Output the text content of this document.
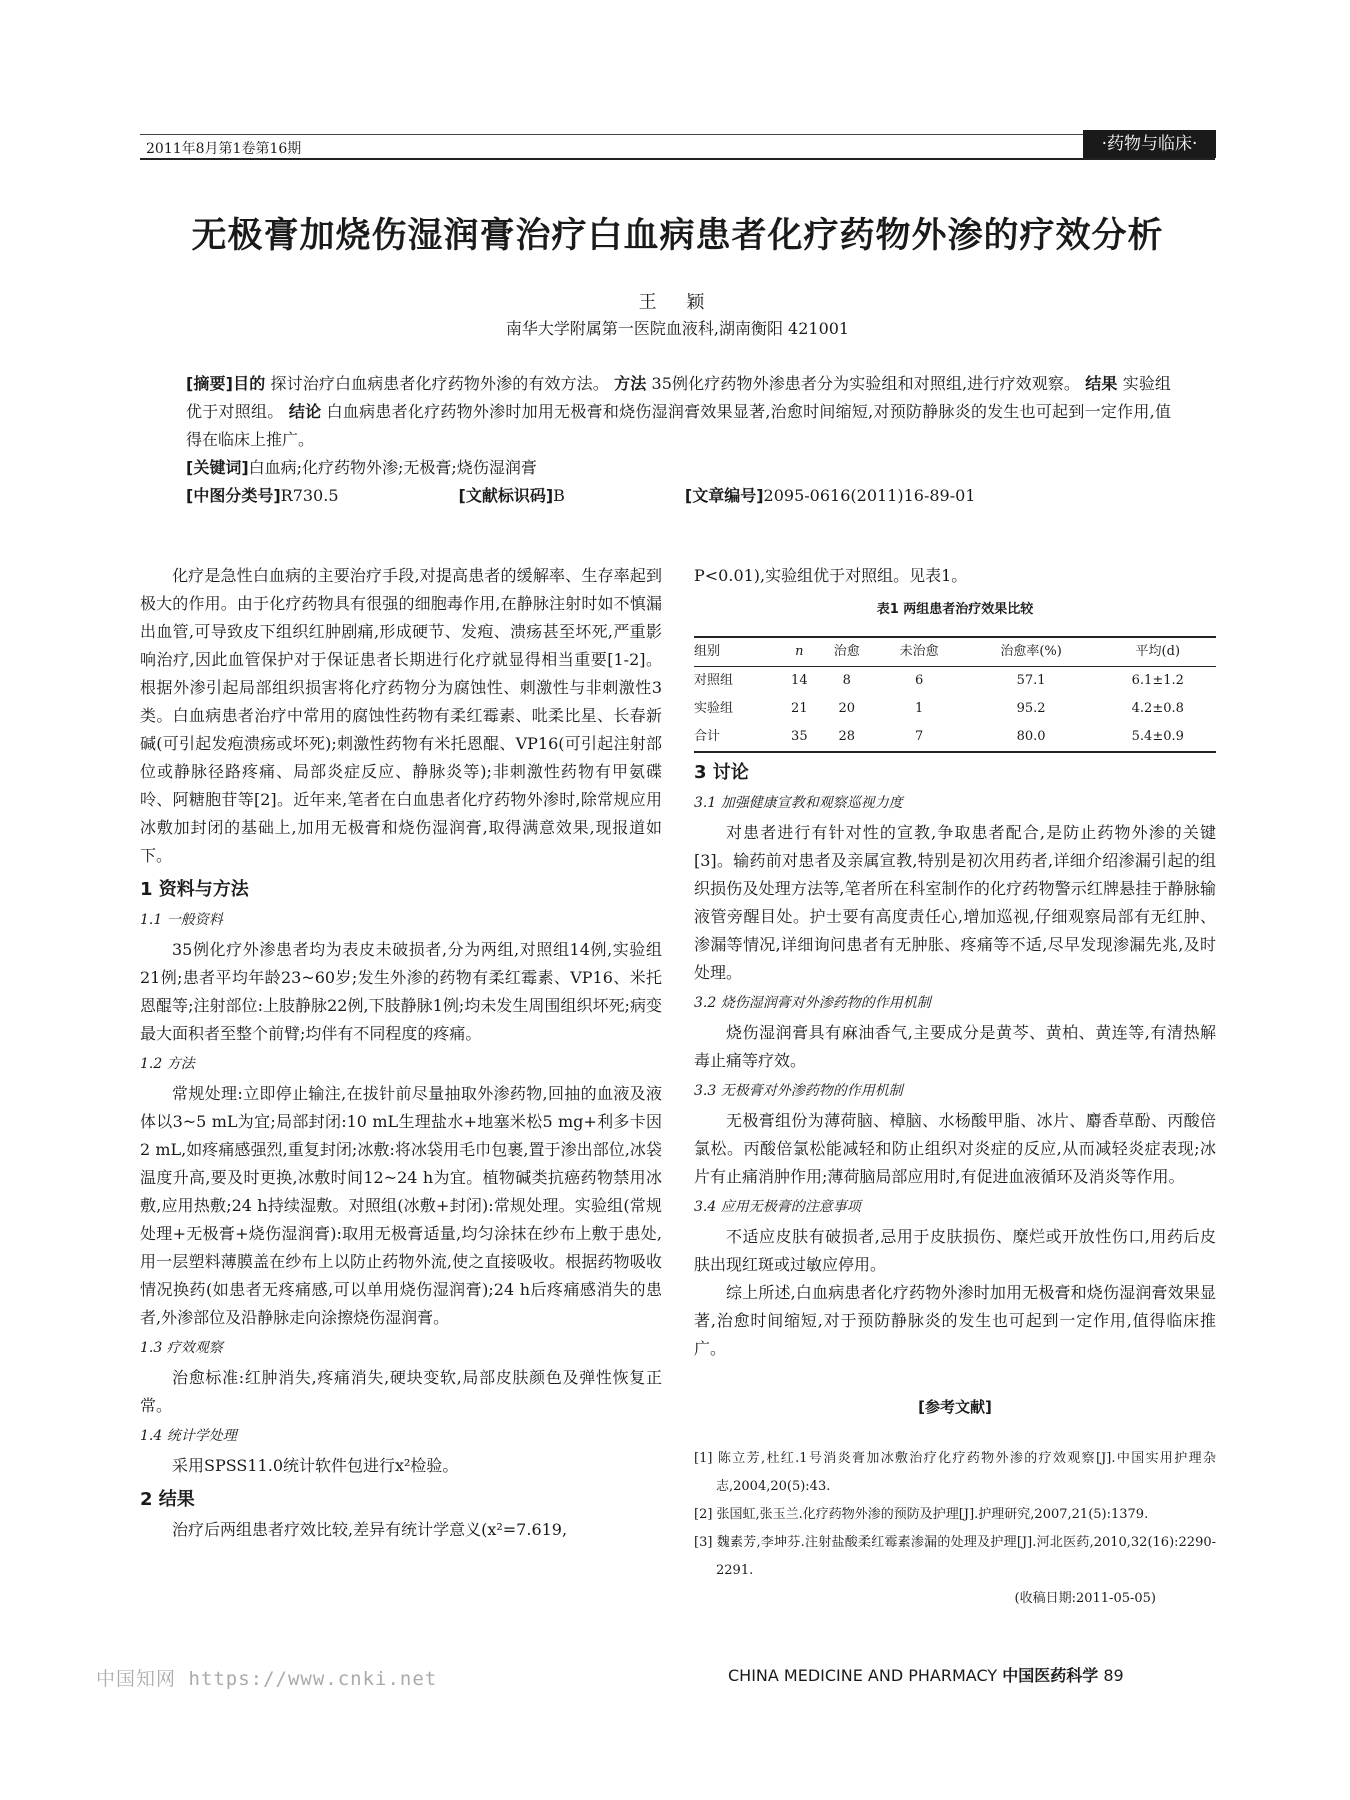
2011年8月第1卷第16期	·药物与临床·
无极膏加烧伤湿润膏治疗白血病患者化疗药物外渗的疗效分析
王 颖
南华大学附属第一医院血液科,湖南衡阳 421001

[摘要]目的 探讨治疗白血病患者化疗药物外渗的有效方法。 方法 35例化疗药物外渗患者分为实验组和对照组,进行疗效观察。 结果 实验组优于对照组。 结论 白血病患者化疗药物外渗时加用无极膏和烧伤湿润膏效果显著,治愈时间缩短,对预防静脉炎的发生也可起到一定作用,值得在临床上推广。

[关键词]白血病;化疗药物外渗;无极膏;烧伤湿润膏

[中图分类号]R730.5	[文献标识码]B	[文章编号]2095-0616(2011)16-89-01

化疗是急性白血病的主要治疗手段,对提高患者的缓解率、生存率起到极大的作用。由于化疗药物具有很强的细胞毒作用,在静脉注射时如不慎漏出血管,可导致皮下组织红肿剧痛,形成硬节、发疱、溃疡甚至坏死,严重影响治疗,因此血管保护对于保证患者长期进行化疗就显得相当重要[1-2]。根据外渗引起局部组织损害将化疗药物分为腐蚀性、刺激性与非刺激性3类。白血病患者治疗中常用的腐蚀性药物有柔红霉素、吡柔比星、长春新碱(可引起发疱溃疡或坏死);刺激性药物有米托恩醌、VP16(可引起注射部位或静脉径路疼痛、局部炎症反应、静脉炎等);非刺激性药物有甲氨碟呤、阿糖胞苷等[2]。近年来,笔者在白血患者化疗药物外渗时,除常规应用冰敷加封闭的基础上,加用无极膏和烧伤湿润膏,取得满意效果,现报道如下。

1 资料与方法
1.1 一般资料

35例化疗外渗患者均为表皮未破损者,分为两组,对照组14例,实验组21例;患者平均年龄23~60岁;发生外渗的药物有柔红霉素、VP16、米托恩醌等;注射部位:上肢静脉22例,下肢静脉1例;均未发生周围组织坏死;病变最大面积者至整个前臂;均伴有不同程度的疼痛。

1.2 方法

常规处理:立即停止输注,在拔针前尽量抽取外渗药物,回抽的血液及液体以3~5 mL为宜;局部封闭:10 mL生理盐水+地塞米松5 mg+利多卡因2 mL,如疼痛感强烈,重复封闭;冰敷:将冰袋用毛巾包裹,置于渗出部位,冰袋温度升高,要及时更换,冰敷时间12~24 h为宜。植物碱类抗癌药物禁用冰敷,应用热敷;24 h持续湿敷。对照组(冰敷+封闭):常规处理。实验组(常规处理+无极膏+烧伤湿润膏):取用无极膏适量,均匀涂抹在纱布上敷于患处,用一层塑料薄膜盖在纱布上以防止药物外流,使之直接吸收。根据药物吸收情况换药(如患者无疼痛感,可以单用烧伤湿润膏);24 h后疼痛感消失的患者,外渗部位及沿静脉走向涂擦烧伤湿润膏。

1.3 疗效观察

治愈标准:红肿消失,疼痛消失,硬块变软,局部皮肤颜色及弹性恢复正常。

1.4 统计学处理

采用SPSS11.0统计软件包进行x²检验。

2 结果

治疗后两组患者疗效比较,差异有统计学意义(x²=7.619,

P<0.01),实验组优于对照组。见表1。

表1 两组患者治疗效果比较
组别	n	治愈	未治愈	治愈率(%)	平均(d)
对照组	14	8	6	57.1	6.1±1.2
实验组	21	20	1	95.2	4.2±0.8
合计	35	28	7	80.0	5.4±0.9
3 讨论
3.1 加强健康宣教和观察巡视力度

对患者进行有针对性的宣教,争取患者配合,是防止药物外渗的关键[3]。输药前对患者及亲属宣教,特别是初次用药者,详细介绍渗漏引起的组织损伤及处理方法等,笔者所在科室制作的化疗药物警示红牌悬挂于静脉输液管旁醒目处。护士要有高度责任心,增加巡视,仔细观察局部有无红肿、渗漏等情况,详细询问患者有无肿胀、疼痛等不适,尽早发现渗漏先兆,及时处理。

3.2 烧伤湿润膏对外渗药物的作用机制

烧伤湿润膏具有麻油香气,主要成分是黄芩、黄柏、黄连等,有清热解毒止痛等疗效。

3.3 无极膏对外渗药物的作用机制

无极膏组份为薄荷脑、樟脑、水杨酸甲脂、冰片、麝香草酚、丙酸倍氯松。丙酸倍氯松能减轻和防止组织对炎症的反应,从而减轻炎症表现;冰片有止痛消肿作用;薄荷脑局部应用时,有促进血液循环及消炎等作用。

3.4 应用无极膏的注意事项

不适应皮肤有破损者,忌用于皮肤损伤、糜烂或开放性伤口,用药后皮肤出现红斑或过敏应停用。

综上所述,白血病患者化疗药物外渗时加用无极膏和烧伤湿润膏效果显著,治愈时间缩短,对于预防静脉炎的发生也可起到一定作用,值得临床推广。

[参考文献]
[1] 陈立芳,杜红.1号消炎膏加冰敷治疗化疗药物外渗的疗效观察[J].中国实用护理杂志,2004,20(5):43.
[2] 张国虹,张玉兰.化疗药物外渗的预防及护理[J].护理研究,2007,21(5):1379.
[3] 魏素芳,李坤芬.注射盐酸柔红霉素渗漏的处理及护理[J].河北医药,2010,32(16):2290-2291.
(收稿日期:2011-05-05)
中国知网 https://www.cnki.net	CHINA MEDICINE AND PHARMACY 中国医药科学 89
